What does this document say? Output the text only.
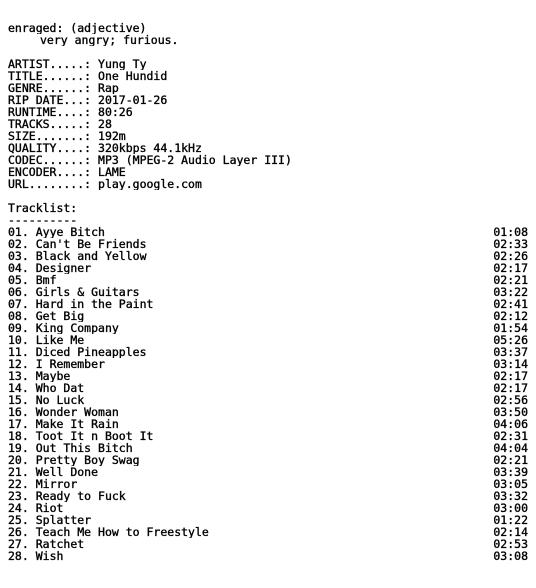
enraged: (adjective)
very angry; furious.
ARTIST.....: Yung Ty
TITLE......: One Hundid
GENRE......: Rap
RIP DATE...: 2017-01-26
RUNTIME....: 80:26
TRACKS.....: 28
SIZE.......: 192m
QUALITY....: 320kbps 44.1kHz
CODEC......: MP3 (MPEG-2 Audio Layer III)
ENCODER....: LAME
URL........: play.google.com
Tracklist:
----------
01. Ayye Bitch	01:08
02. Can't Be Friends	02:33
03. Black and Yellow	02:26
04. Designer	02:17
05. Bmf	02:21
06. Girls & Guitars	03:22
07. Hard in the Paint	02:41
08. Get Big	02:12
09. King Company	01:54
10. Like Me	05:26
11. Diced Pineapples	03:37
12. I Remember	03:14
13. Maybe	02:17
14. Who Dat	02:17
15. No Luck	02:56
16. Wonder Woman	03:50
17. Make It Rain	04:06
18. Toot It n Boot It	02:31
19. Out This Bitch	04:04
20. Pretty Boy Swag	02:21
21. Well Done	03:39
22. Mirror	03:05
23. Ready to Fuck	03:32
24. Riot	03:00
25. Splatter	01:22
26. Teach Me How to Freestyle	02:14
27. Ratchet	02:53
28. Wish	03:08
